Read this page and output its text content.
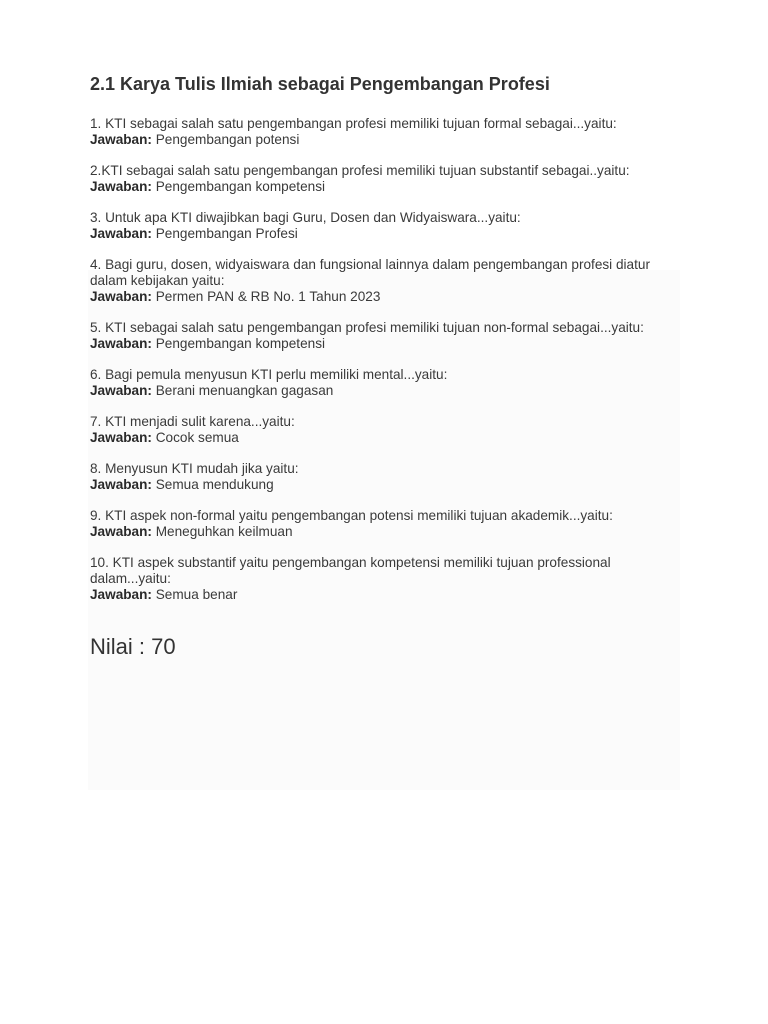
2.1 Karya Tulis Ilmiah sebagai Pengembangan Profesi
1. KTI sebagai salah satu pengembangan profesi memiliki tujuan formal sebagai...yaitu:
Jawaban: Pengembangan potensi
2.KTI sebagai salah satu pengembangan profesi memiliki tujuan substantif sebagai..yaitu:
Jawaban: Pengembangan kompetensi
3. Untuk apa KTI diwajibkan bagi Guru, Dosen dan Widyaiswara...yaitu:
Jawaban: Pengembangan Profesi
4. Bagi guru, dosen, widyaiswara dan fungsional lainnya dalam pengembangan profesi diatur dalam kebijakan yaitu:
Jawaban: Permen PAN & RB No. 1 Tahun 2023
5. KTI sebagai salah satu pengembangan profesi memiliki tujuan non-formal sebagai...yaitu:
Jawaban: Pengembangan kompetensi
6. Bagi pemula menyusun KTI perlu memiliki mental...yaitu:
Jawaban: Berani menuangkan gagasan
7. KTI menjadi sulit karena...yaitu:
Jawaban: Cocok semua
8. Menyusun KTI mudah jika yaitu:
Jawaban: Semua mendukung
9. KTI aspek non-formal yaitu pengembangan potensi memiliki tujuan akademik...yaitu:
Jawaban: Meneguhkan keilmuan
10. KTI aspek substantif yaitu pengembangan kompetensi memiliki tujuan professional dalam...yaitu:
Jawaban: Semua benar
Nilai : 70
